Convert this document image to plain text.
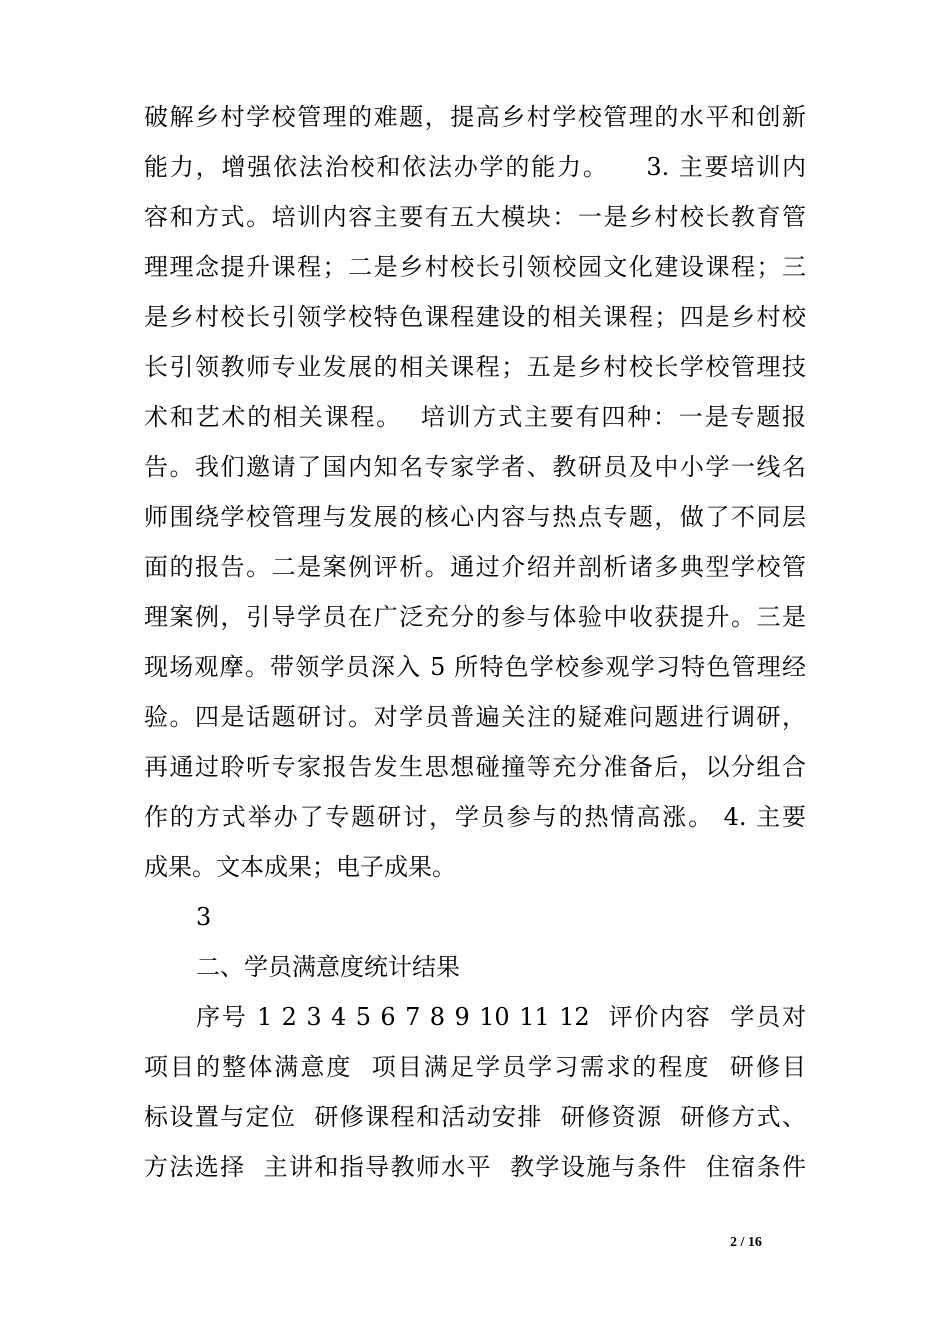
破解乡村学校管理的难题，提高乡村学校管理的水平和创新
能力，增强依法治校和依法办学的能力。    3. 主要培训内
容和方式。培训内容主要有五大模块：一是乡村校长教育管
理理念提升课程；二是乡村校长引领校园文化建设课程；三
是乡村校长引领学校特色课程建设的相关课程；四是乡村校
长引领教师专业发展的相关课程；五是乡村校长学校管理技
术和艺术的相关课程。  培训方式主要有四种：一是专题报
告。我们邀请了国内知名专家学者、教研员及中小学一线名
师围绕学校管理与发展的核心内容与热点专题，做了不同层
面的报告。二是案例评析。通过介绍并剖析诸多典型学校管
理案例，引导学员在广泛充分的参与体验中收获提升。三是
现场观摩。带领学员深入 5 所特色学校参观学习特色管理经
验。四是话题研讨。对学员普遍关注的疑难问题进行调研，
再通过聆听专家报告发生思想碰撞等充分准备后，以分组合
作的方式举办了专题研讨，学员参与的热情高涨。 4. 主要
成果。文本成果；电子成果。
3
二、学员满意度统计结果
序号 1 2 3 4 5 6 7 8 9 10 11 12  评价内容  学员对
项目的整体满意度  项目满足学员学习需求的程度  研修目
标设置与定位  研修课程和活动安排  研修资源  研修方式、
方法选择  主讲和指导教师水平  教学设施与条件  住宿条件
2 / 16
